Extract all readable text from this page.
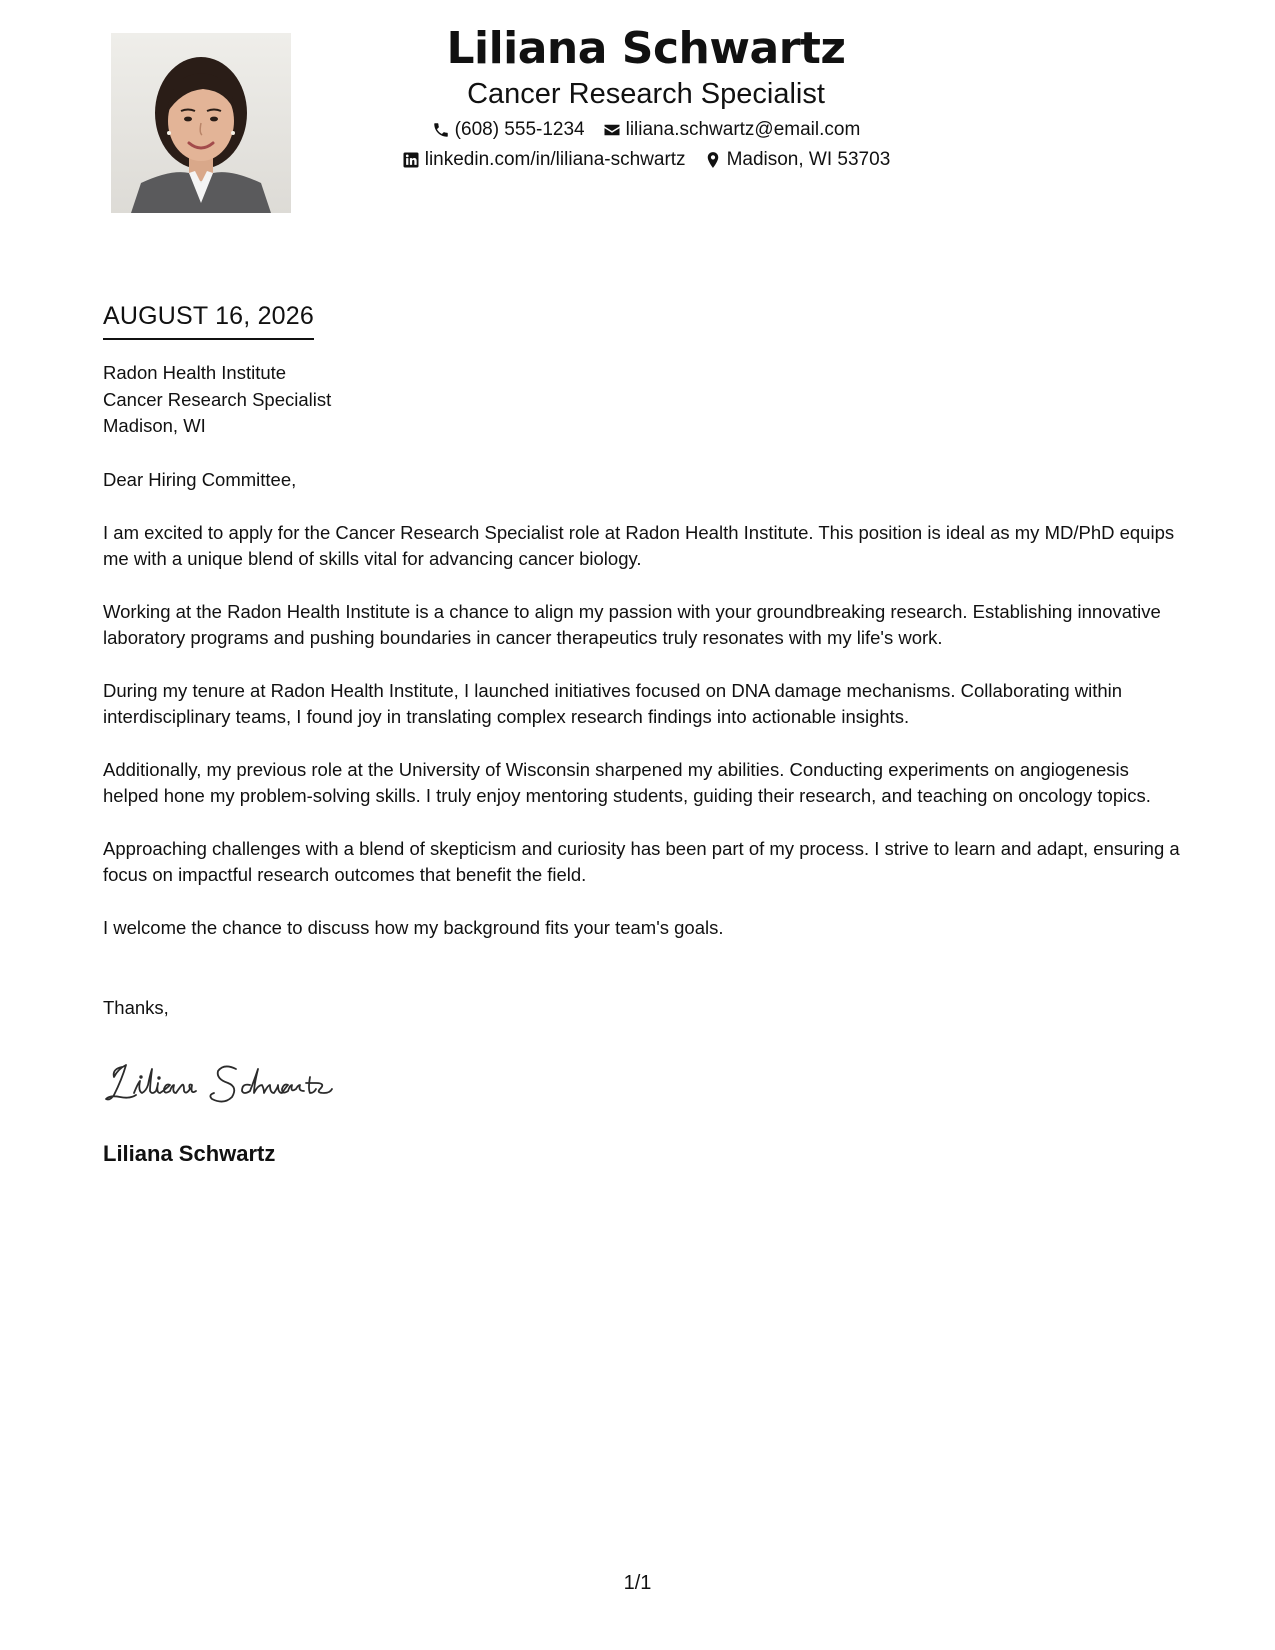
Liliana Schwartz
Cancer Research Specialist
(608) 555-1234 liliana.schwartz@email.com
linkedin.com/in/liliana-schwartz Madison, WI 53703
AUGUST 16, 2026
Radon Health Institute
Cancer Research Specialist
Madison, WI

Dear Hiring Committee,

I am excited to apply for the Cancer Research Specialist role at Radon Health Institute. This position is ideal as my MD/PhD equips me with a unique blend of skills vital for advancing cancer biology.

Working at the Radon Health Institute is a chance to align my passion with your groundbreaking research. Establishing innovative laboratory programs and pushing boundaries in cancer therapeutics truly resonates with my life's work.

During my tenure at Radon Health Institute, I launched initiatives focused on DNA damage mechanisms. Collaborating within interdisciplinary teams, I found joy in translating complex research findings into actionable insights.

Additionally, my previous role at the University of Wisconsin sharpened my abilities. Conducting experiments on angiogenesis helped hone my problem-solving skills. I truly enjoy mentoring students, guiding their research, and teaching on oncology topics.

Approaching challenges with a blend of skepticism and curiosity has been part of my process. I strive to learn and adapt, ensuring a focus on impactful research outcomes that benefit the field.

I welcome the chance to discuss how my background fits your team's goals.

Thanks,
Liliana Schwartz
1/1
